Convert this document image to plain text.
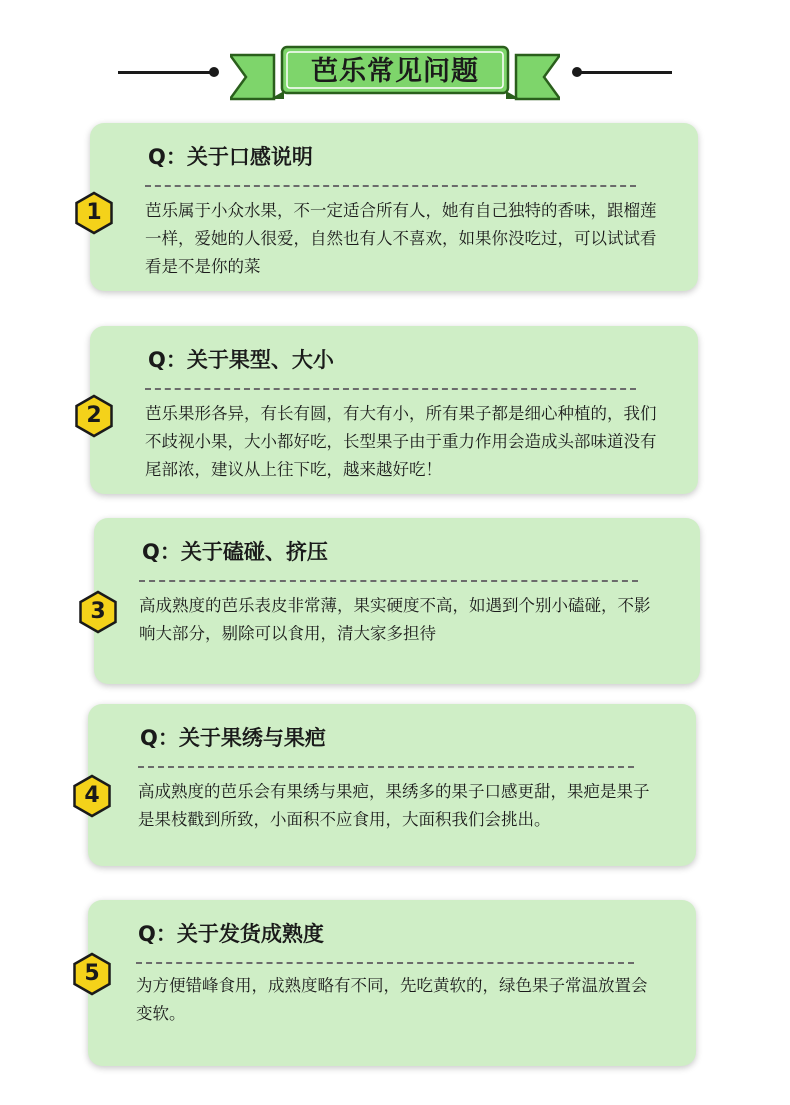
芭乐常见问题
1
Q：关于口感说明
芭乐属于小众水果，不一定适合所有人，她有自己独特的香味，跟榴莲一样，爱她的人很爱，自然也有人不喜欢，如果你没吃过，可以试试看看是不是你的菜
2
Q：关于果型、大小
芭乐果形各异，有长有圆，有大有小，所有果子都是细心种植的，我们不歧视小果，大小都好吃，长型果子由于重力作用会造成头部味道没有尾部浓，建议从上往下吃，越来越好吃！
3
Q：关于磕碰、挤压
高成熟度的芭乐表皮非常薄，果实硬度不高，如遇到个别小磕碰，不影响大部分，剔除可以食用，清大家多担待
4
Q：关于果绣与果疤
高成熟度的芭乐会有果绣与果疤，果绣多的果子口感更甜，果疤是果子是果枝戳到所致，小面积不应食用，大面积我们会挑出。
5
Q：关于发货成熟度
为方便错峰食用，成熟度略有不同，先吃黄软的，绿色果子常温放置会变软。
